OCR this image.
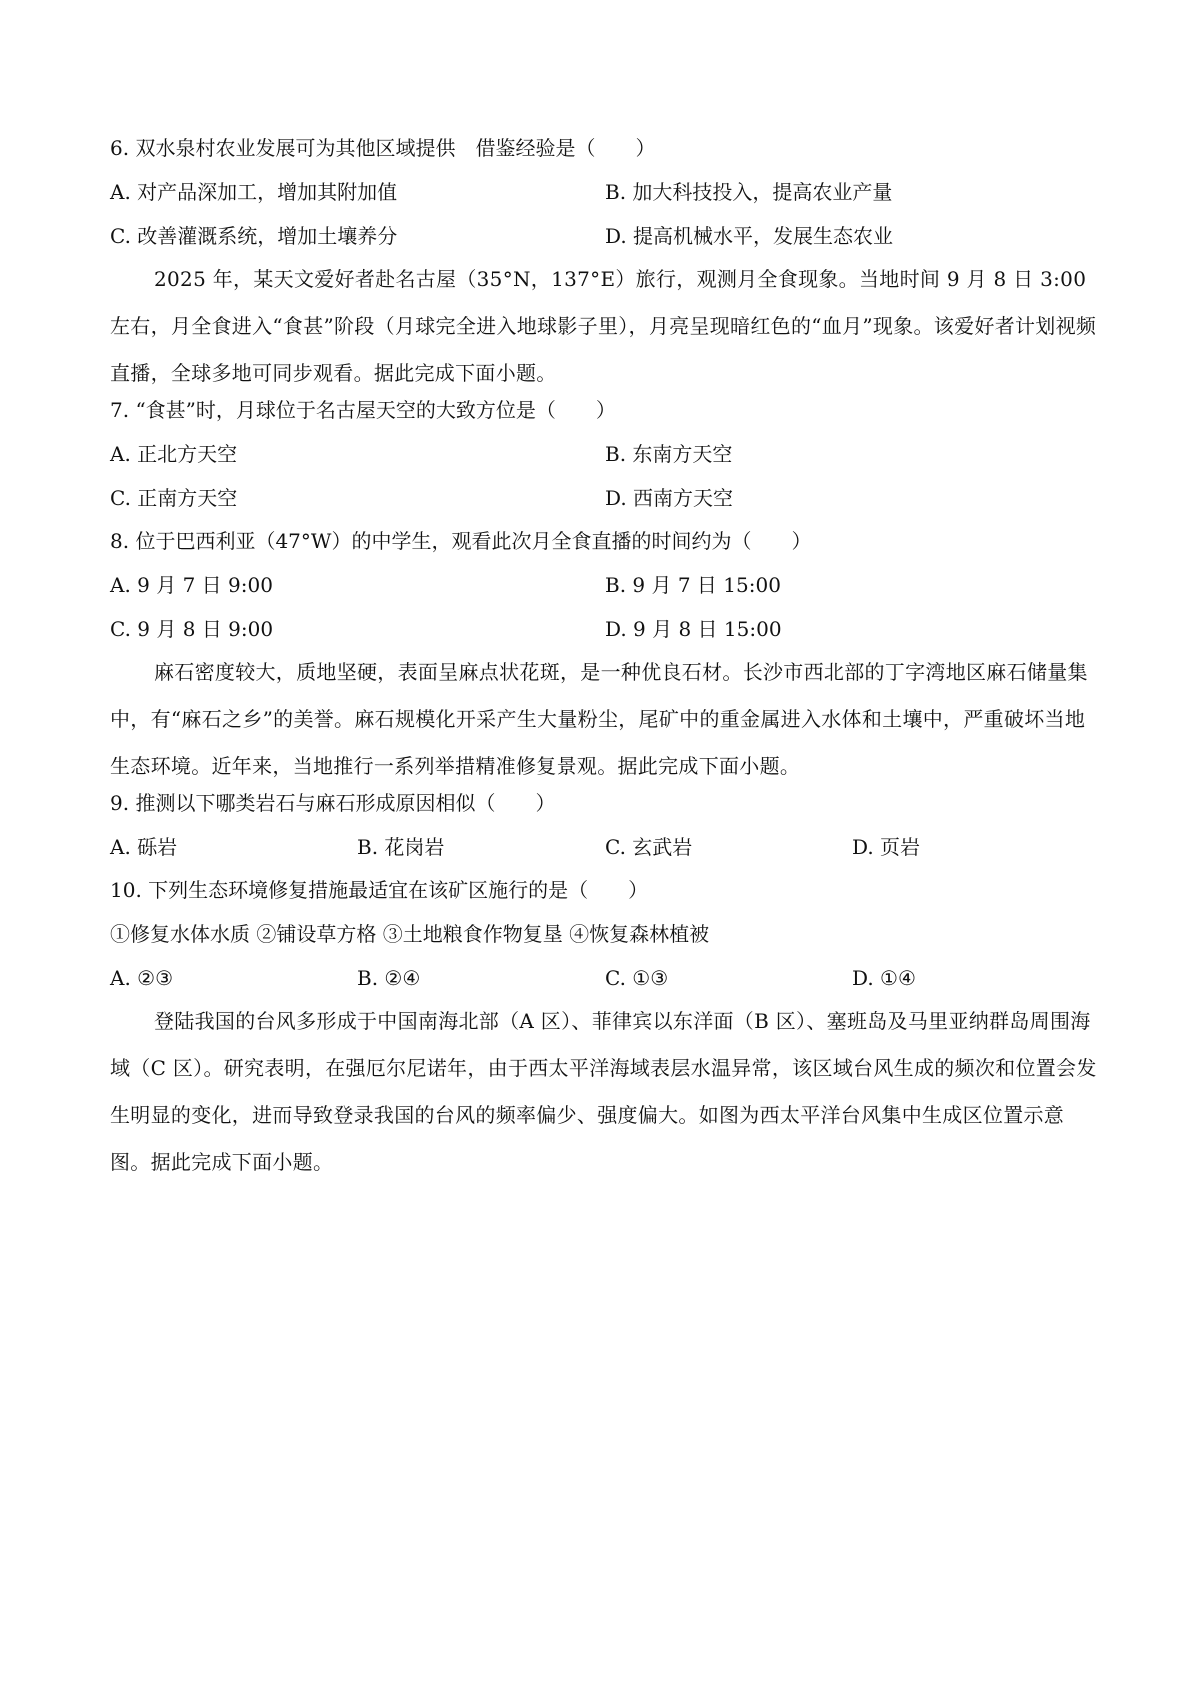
6. 双水泉村农业发展可为其他区域提供　借鉴经验是（　　）
A. 对产品深加工，增加其附加值	B. 加大科技投入，提高农业产量
C. 改善灌溉系统，增加土壤养分	D. 提高机械水平，发展生态农业
2025 年，某天文爱好者赴名古屋（35°N，137°E）旅行，观测月全食现象。当地时间 9 月 8 日 3:00 左右，月全食进入“食甚”阶段（月球完全进入地球影子里），月亮呈现暗红色的“血月”现象。该爱好者计划视频直播，全球多地可同步观看。据此完成下面小题。
7. “食甚”时，月球位于名古屋天空的大致方位是（　　）
A. 正北方天空	B. 东南方天空
C. 正南方天空	D. 西南方天空
8. 位于巴西利亚（47°W）的中学生，观看此次月全食直播的时间约为（　　）
A. 9 月 7 日 9:00	B. 9 月 7 日 15:00
C. 9 月 8 日 9:00	D. 9 月 8 日 15:00
麻石密度较大，质地坚硬，表面呈麻点状花斑，是一种优良石材。长沙市西北部的丁字湾地区麻石储量集中，有“麻石之乡”的美誉。麻石规模化开采产生大量粉尘，尾矿中的重金属进入水体和土壤中，严重破坏当地生态环境。近年来，当地推行一系列举措精准修复景观。据此完成下面小题。
9. 推测以下哪类岩石与麻石形成原因相似（　　）
A. 砾岩	B. 花岗岩	C. 玄武岩	D. 页岩
10. 下列生态环境修复措施最适宜在该矿区施行的是（　　）
①修复水体水质 ②铺设草方格 ③土地粮食作物复垦 ④恢复森林植被
A. ②③	B. ②④	C. ①③	D. ①④
登陆我国的台风多形成于中国南海北部（A 区）、菲律宾以东洋面（B 区）、塞班岛及马里亚纳群岛周围海域（C 区）。研究表明，在强厄尔尼诺年，由于西太平洋海域表层水温异常，该区域台风生成的频次和位置会发生明显的变化，进而导致登录我国的台风的频率偏少、强度偏大。如图为西太平洋台风集中生成区位置示意图。据此完成下面小题。
